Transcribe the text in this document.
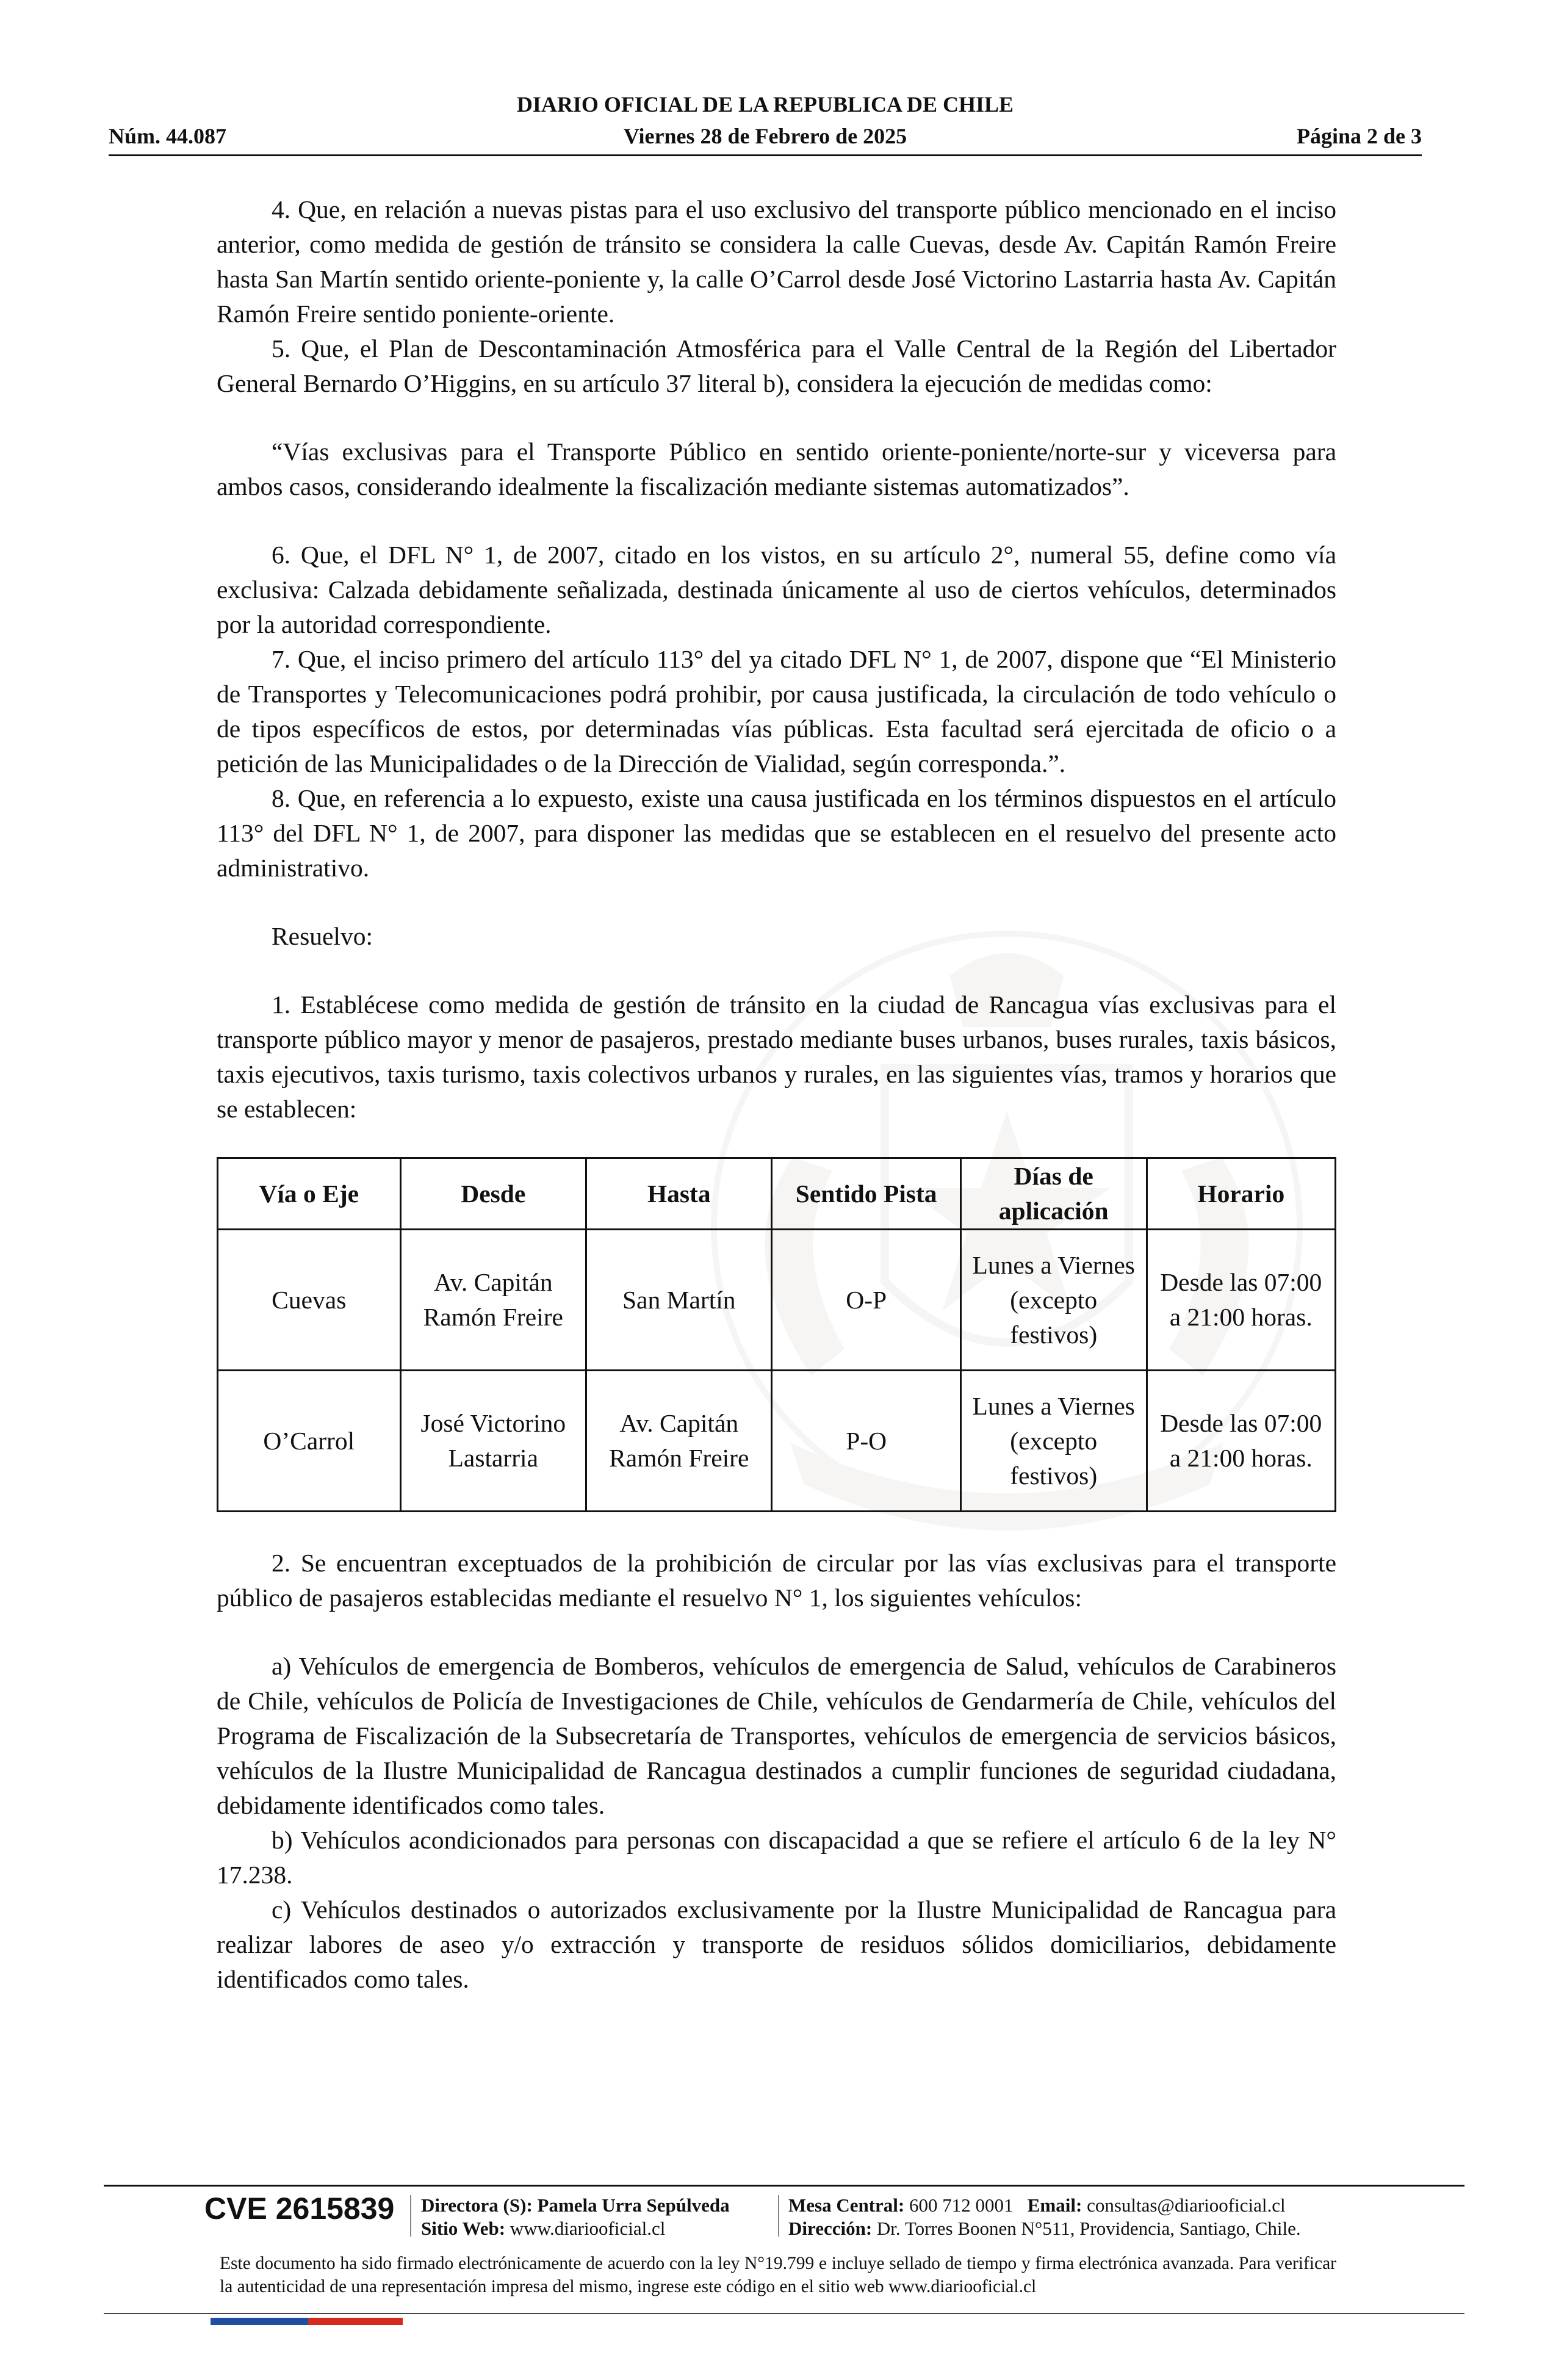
DIARIO OFICIAL DE LA REPUBLICA DE CHILE
Núm. 44.087	Viernes 28 de Febrero de 2025	Página 2 de 3

4. Que, en relación a nuevas pistas para el uso exclusivo del transporte público mencionado en el inciso anterior, como medida de gestión de tránsito se considera la calle Cuevas, desde Av. Capitán Ramón Freire hasta San Martín sentido oriente-poniente y, la calle O’Carrol desde José Victorino Lastarria hasta Av. Capitán Ramón Freire sentido poniente-oriente.

5. Que, el Plan de Descontaminación Atmosférica para el Valle Central de la Región del Libertador General Bernardo O’Higgins, en su artículo 37 literal b), considera la ejecución de medidas como:

“Vías exclusivas para el Transporte Público en sentido oriente-poniente/norte-sur y viceversa para ambos casos, considerando idealmente la fiscalización mediante sistemas automatizados”.

6. Que, el DFL N° 1, de 2007, citado en los vistos, en su artículo 2°, numeral 55, define como vía exclusiva: Calzada debidamente señalizada, destinada únicamente al uso de ciertos vehículos, determinados por la autoridad correspondiente.

7. Que, el inciso primero del artículo 113° del ya citado DFL N° 1, de 2007, dispone que “El Ministerio de Transportes y Telecomunicaciones podrá prohibir, por causa justificada, la circulación de todo vehículo o de tipos específicos de estos, por determinadas vías públicas. Esta facultad será ejercitada de oficio o a petición de las Municipalidades o de la Dirección de Vialidad, según corresponda.”.

8. Que, en referencia a lo expuesto, existe una causa justificada en los términos dispuestos en el artículo 113° del DFL N° 1, de 2007, para disponer las medidas que se establecen en el resuelvo del presente acto administrativo.

Resuelvo:

1. Establécese como medida de gestión de tránsito en la ciudad de Rancagua vías exclusivas para el transporte público mayor y menor de pasajeros, prestado mediante buses urbanos, buses rurales, taxis básicos, taxis ejecutivos, taxis turismo, taxis colectivos urbanos y rurales, en las siguientes vías, tramos y horarios que se establecen:

Vía o Eje	Desde	Hasta	Sentido Pista	Días de aplicación	Horario
Cuevas	Av. Capitán Ramón Freire	San Martín	O-P	Lunes a Viernes (excepto festivos)	Desde las 07:00 a 21:00 horas.
O’Carrol	José Victorino Lastarria	Av. Capitán Ramón Freire	P-O	Lunes a Viernes (excepto festivos)	Desde las 07:00 a 21:00 horas.

2. Se encuentran exceptuados de la prohibición de circular por las vías exclusivas para el transporte público de pasajeros establecidas mediante el resuelvo N° 1, los siguientes vehículos:

a) Vehículos de emergencia de Bomberos, vehículos de emergencia de Salud, vehículos de Carabineros de Chile, vehículos de Policía de Investigaciones de Chile, vehículos de Gendarmería de Chile, vehículos del Programa de Fiscalización de la Subsecretaría de Transportes, vehículos de emergencia de servicios básicos, vehículos de la Ilustre Municipalidad de Rancagua destinados a cumplir funciones de seguridad ciudadana, debidamente identificados como tales.

b) Vehículos acondicionados para personas con discapacidad a que se refiere el artículo 6 de la ley N° 17.238.

c) Vehículos destinados o autorizados exclusivamente por la Ilustre Municipalidad de Rancagua para realizar labores de aseo y/o extracción y transporte de residuos sólidos domiciliarios, debidamente identificados como tales.

CVE 2615839 Directora (S): Pamela Urra Sepúlveda
Sitio Web: www.diariooficial.cl
Mesa Central: 600 712 0001 Email: consultas@diariooficial.cl
Dirección: Dr. Torres Boonen N°511, Providencia, Santiago, Chile.
Este documento ha sido firmado electrónicamente de acuerdo con la ley N°19.799 e incluye sellado de tiempo y firma electrónica avanzada. Para verificar la autenticidad de una representación impresa del mismo, ingrese este código en el sitio web www.diariooficial.cl
